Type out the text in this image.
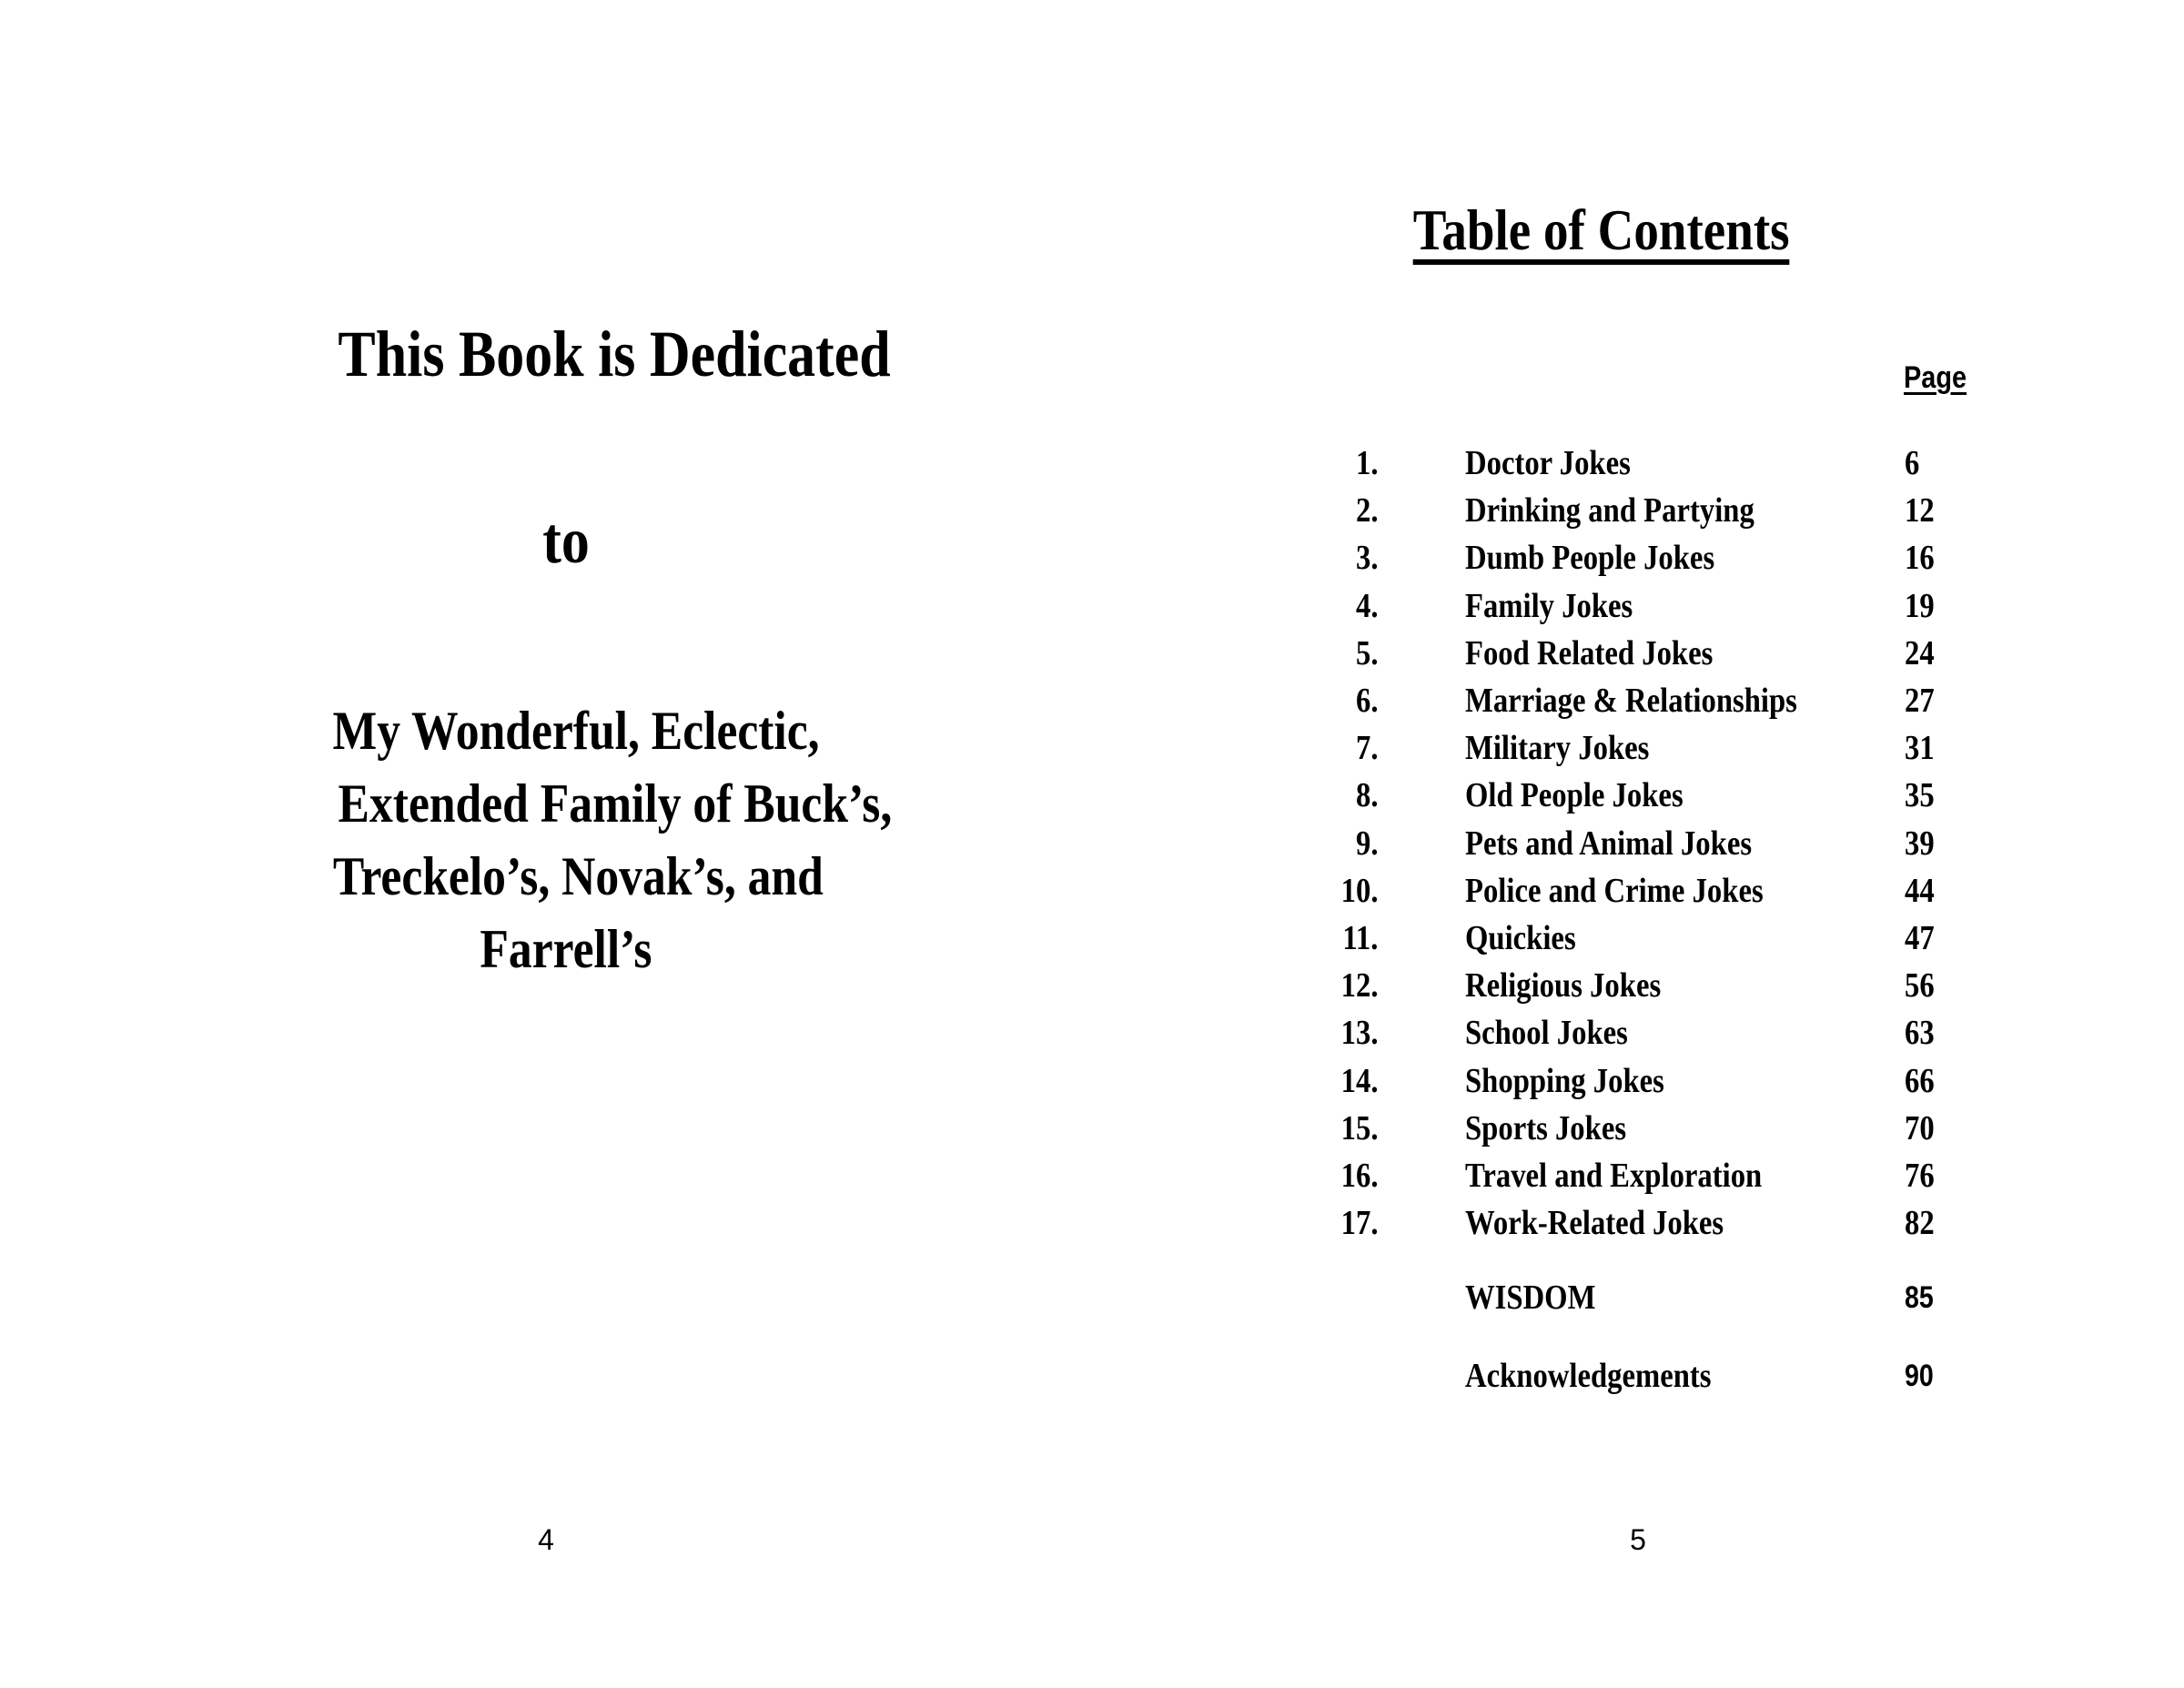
This Book is Dedicated
to
My Wonderful, Eclectic,
Extended Family of Buck’s,
Treckelo’s, Novak’s, and
Farrell’s
4
Table of Contents
Page
1.	Doctor Jokes	6
2.	Drinking and Partying	12
3.	Dumb People Jokes	16
4.	Family Jokes	19
5.	Food Related Jokes	24
6.	Marriage & Relationships	27
7.	Military Jokes	31
8.	Old People Jokes	35
9.	Pets and Animal Jokes	39
10.	Police and Crime Jokes	44
11.	Quickies	47
12.	Religious Jokes	56
13.	School Jokes	63
14.	Shopping Jokes	66
15.	Sports Jokes	70
16.	Travel and Exploration	76
17.	Work-Related Jokes	82
WISDOM	85
Acknowledgements	90
5
